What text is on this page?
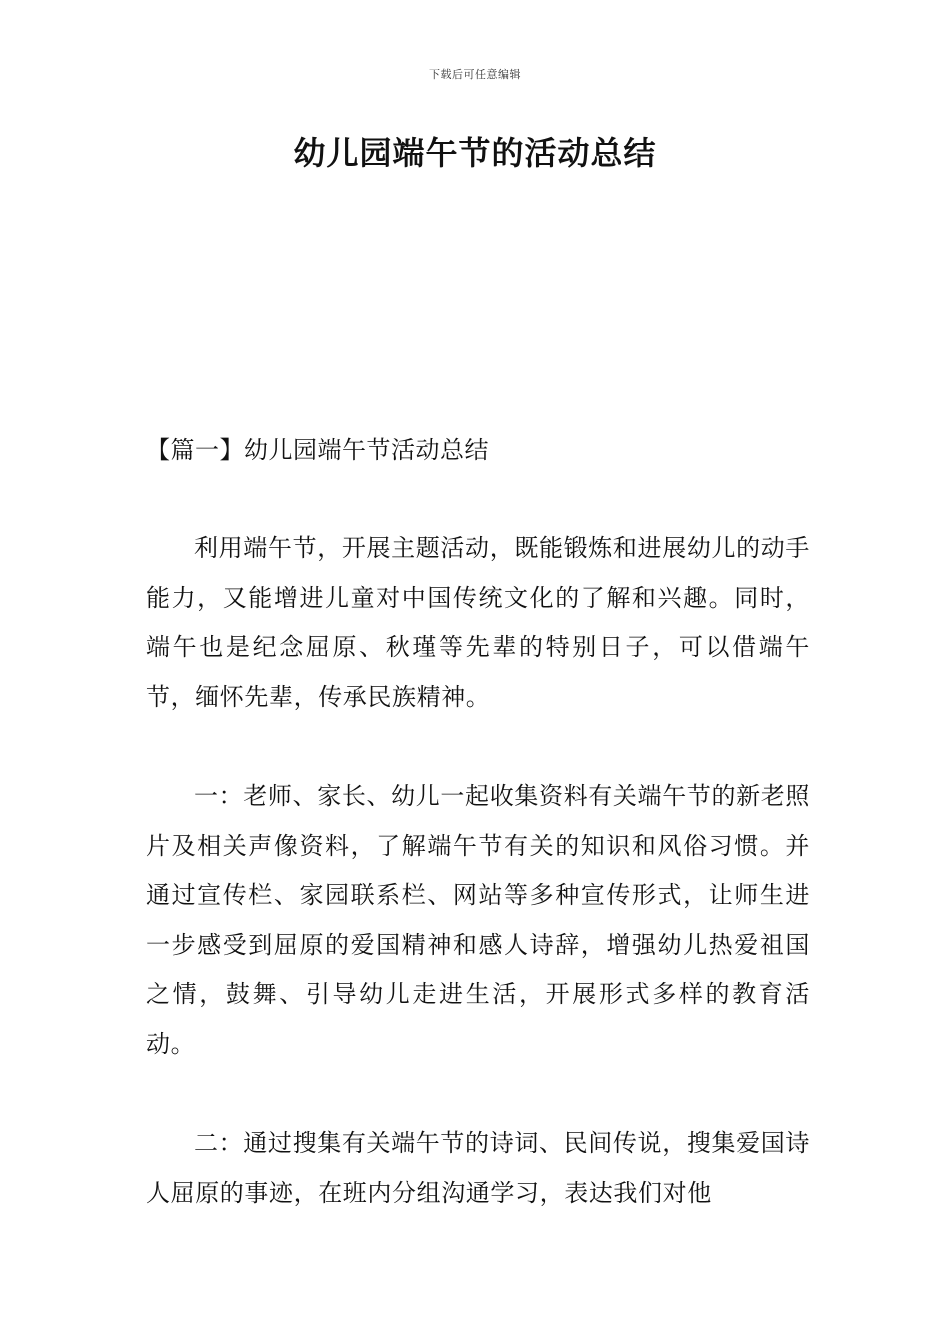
下载后可任意编辑
幼儿园端午节的活动总结
【篇一】幼儿园端午节活动总结

利用端午节，开展主题活动，既能锻炼和进展幼儿的动手能力，又能增进儿童对中国传统文化的了解和兴趣。同时，端午也是纪念屈原、秋瑾等先辈的特别日子，可以借端午节，缅怀先辈，传承民族精神。

一：老师、家长、幼儿一起收集资料有关端午节的新老照片及相关声像资料，了解端午节有关的知识和风俗习惯。并通过宣传栏、家园联系栏、网站等多种宣传形式，让师生进一步感受到屈原的爱国精神和感人诗辞，增强幼儿热爱祖国之情，鼓舞、引导幼儿走进生活，开展形式多样的教育活动。

二：通过搜集有关端午节的诗词、民间传说，搜集爱国诗人屈原的事迹，在班内分组沟通学习，表达我们对他
